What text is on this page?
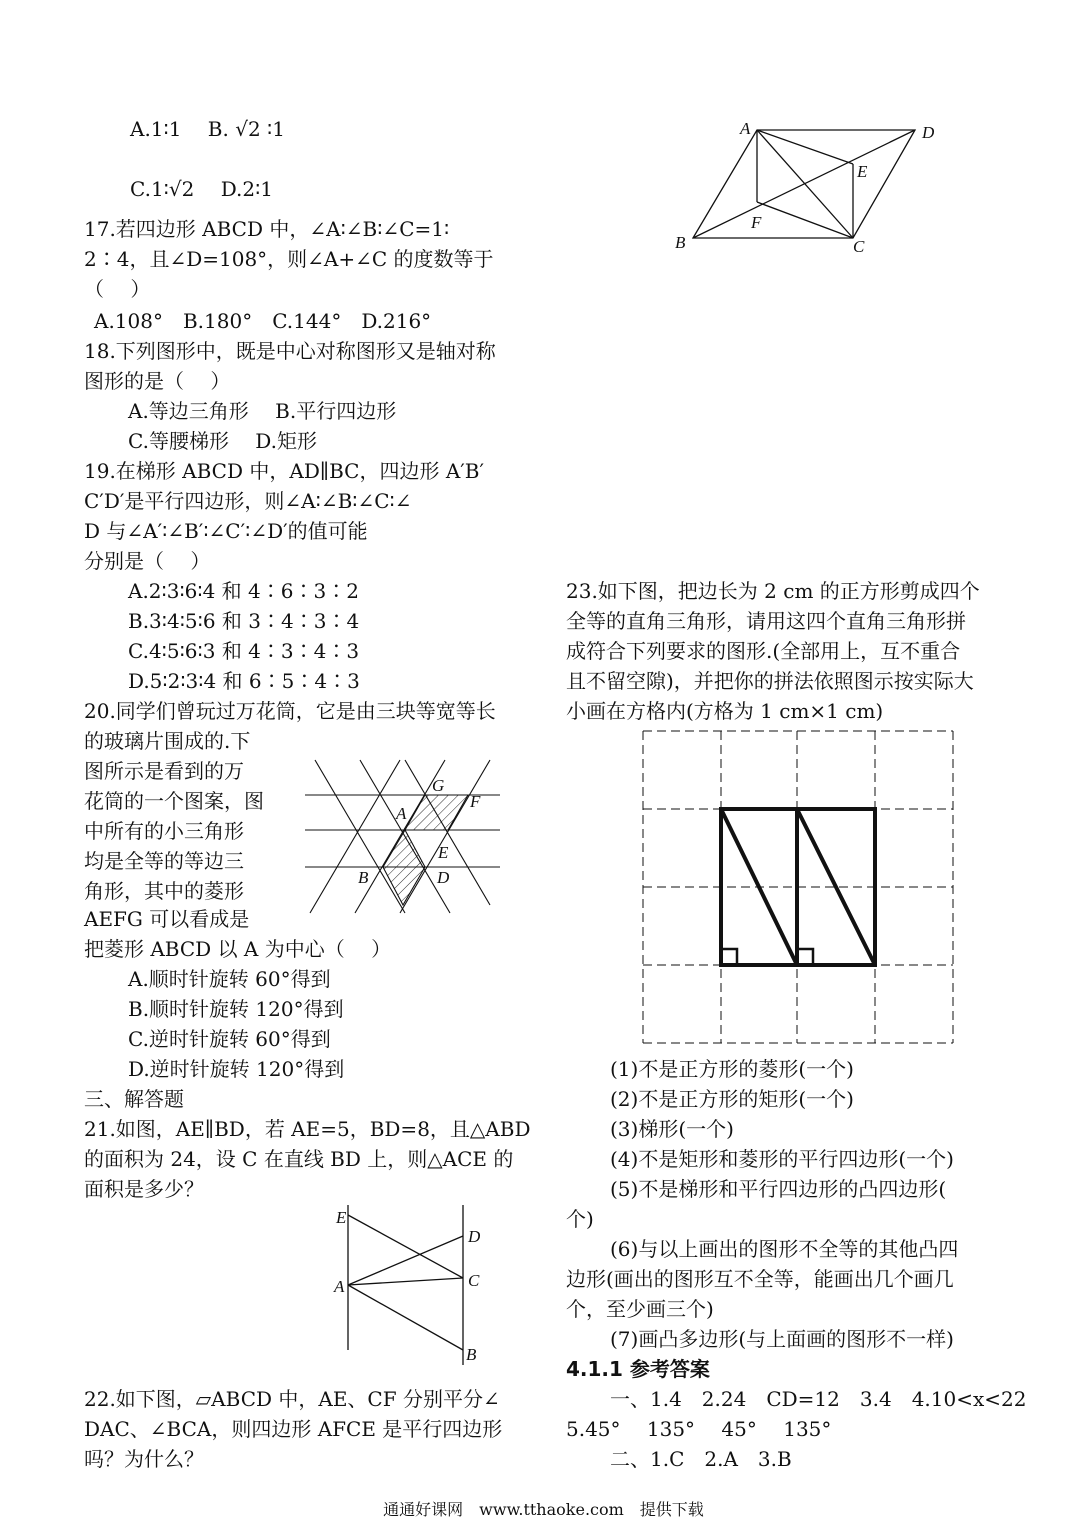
A.1∶1　 B. √2 ∶1
C.1∶√2 　D.2∶1
17.若四边形 ABCD 中，∠A∶∠B∶∠C=1∶
2∶4，且∠D=108°，则∠A+∠C 的度数等于
（　 ）
A.108°　B.180°　C.144°　D.216°
18.下列图形中，既是中心对称图形又是轴对称
图形的是（　 ）
A.等边三角形　 B.平行四边形
C.等腰梯形　 D.矩形
19.在梯形 ABCD 中，AD∥BC，四边形 A′B′
C′D′是平行四边形，则∠A∶∠B∶∠C∶∠
D 与∠A′∶∠B′∶∠C′∶∠D′的值可能
分别是（　 ）
A.2∶3∶6∶4 和 4∶6∶3∶2
B.3∶4∶5∶6 和 3∶4∶3∶4
C.4∶5∶6∶3 和 4∶3∶4∶3
D.5∶2∶3∶4 和 6∶5∶4∶3
20.同学们曾玩过万花筒，它是由三块等宽等长
的玻璃片围成的.下
图所示是看到的万
花筒的一个图案，图
中所有的小三角形
均是全等的等边三
角形，其中的菱形
AEFG 可以看成是
把菱形 ABCD 以 A 为中心（　 ）
A.顺时针旋转 60°得到
B.顺时针旋转 120°得到
C.逆时针旋转 60°得到
D.逆时针旋转 120°得到
三、解答题
21.如图，AE∥BD，若 AE=5，BD=8，且△ABD
的面积为 24，设 C 在直线 BD 上，则△ACE 的
面积是多少？
22.如下图，▱ABCD 中，AE、CF 分别平分∠
DAC、∠BCA，则四边形 AFCE 是平行四边形
吗？为什么？
23.如下图，把边长为 2 cm 的正方形剪成四个
全等的直角三角形，请用这四个直角三角形拼
成符合下列要求的图形.(全部用上，互不重合
且不留空隙)，并把你的拼法依照图示按实际大
小画在方格内(方格为 1 cm×1 cm)
(1)不是正方形的菱形(一个)
(2)不是正方形的矩形(一个)
(3)梯形(一个)
(4)不是矩形和菱形的平行四边形(一个)
(5)不是梯形和平行四边形的凸四边形(
个)
(6)与以上画出的图形不全等的其他凸四
边形(画出的图形互不全等，能画出几个画几
个，至少画三个)
(7)画凸多边形(与上面画的图形不一样)
4.1.1 参考答案
一、1.4　2.24　CD=12　3.4　4.10<x<22
5.45°　 135°　 45°　 135°
二、1.C　2.A　3.B
A	D
E
F
B	C
G
F
A
E
B	D
E
D
A	C
B
通通好课网　www.tthaoke.com　提供下载
